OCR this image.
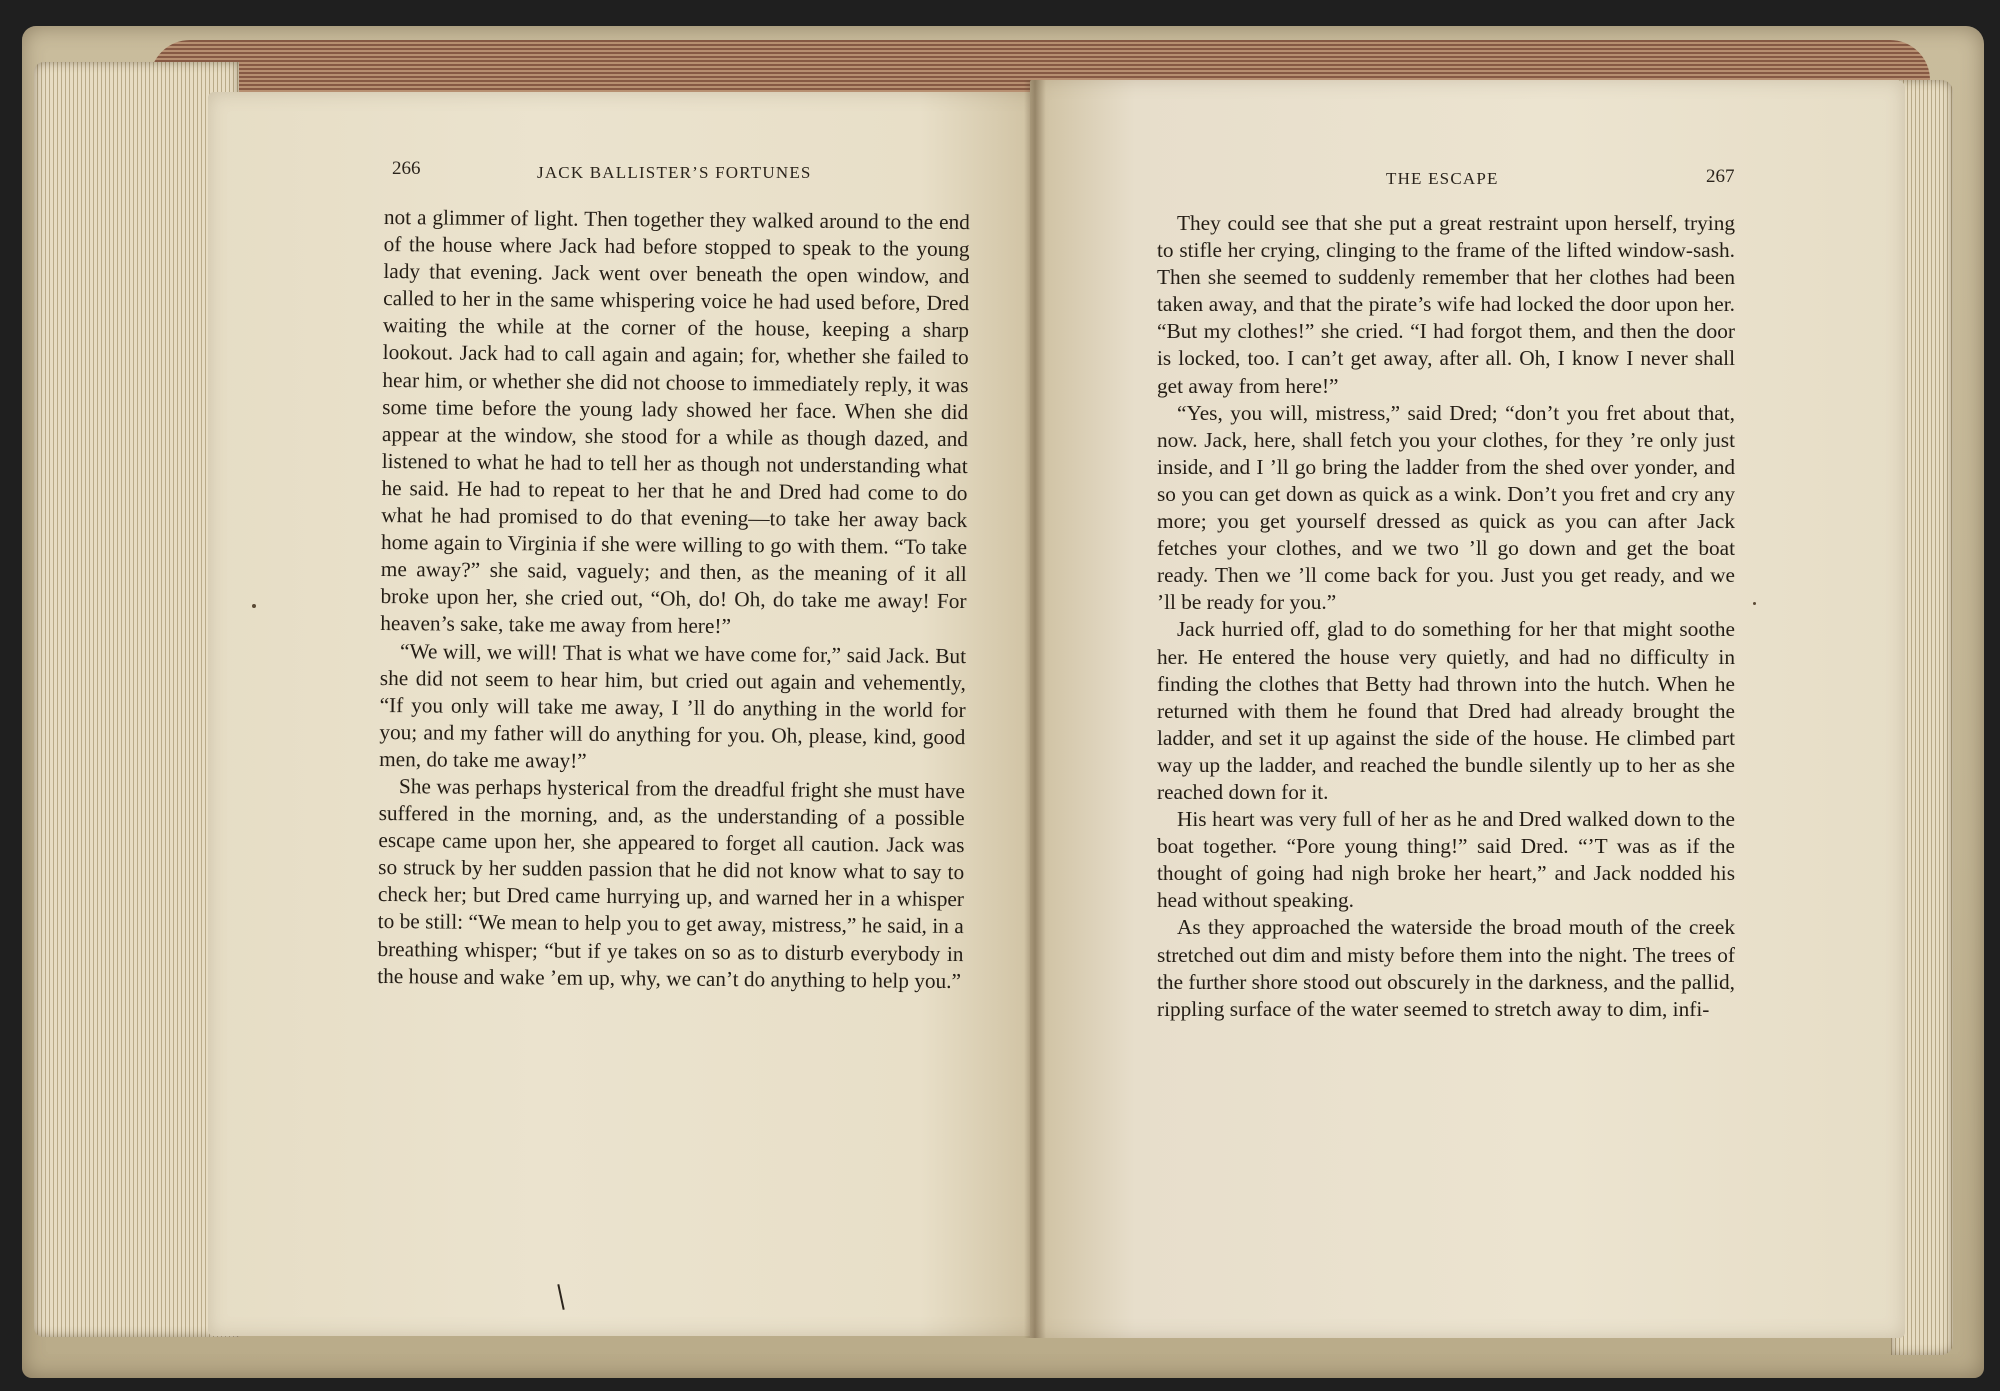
266	JACK BALLISTER’S FORTUNES	THE ESCAPE	267

not a glimmer of light. Then together they walked around to the end of the house where Jack had before stopped to speak to the young lady that evening. Jack went over beneath the open window, and called to her in the same whispering voice he had used before, Dred waiting the while at the corner of the house, keeping a sharp lookout. Jack had to call again and again; for, whether she failed to hear him, or whether she did not choose to immediately reply, it was some time before the young lady showed her face. When she did appear at the window, she stood for a while as though dazed, and listened to what he had to tell her as though not understanding what he said. He had to repeat to her that he and Dred had come to do what he had promised to do that evening—to take her away back home again to Virginia if she were willing to go with them. “To take me away?” she said, vaguely; and then, as the meaning of it all broke upon her, she cried out, “Oh, do! Oh, do take me away! For heaven’s sake, take me away from here!”

“We will, we will! That is what we have come for,” said Jack. But she did not seem to hear him, but cried out again and vehemently, “If you only will take me away, I ’ll do anything in the world for you; and my father will do anything for you. Oh, please, kind, good men, do take me away!”

She was perhaps hysterical from the dreadful fright she must have suffered in the morning, and, as the understanding of a possible escape came upon her, she appeared to forget all caution. Jack was so struck by her sudden passion that he did not know what to say to check her; but Dred came hurrying up, and warned her in a whisper to be still: “We mean to help you to get away, mistress,” he said, in a breathing whisper; “but if ye takes on so as to disturb everybody in the house and wake ’em up, why, we can’t do anything to help you.”

They could see that she put a great restraint upon herself, trying to stifle her crying, clinging to the frame of the lifted window-sash. Then she seemed to suddenly remember that her clothes had been taken away, and that the pirate’s wife had locked the door upon her. “But my clothes!” she cried. “I had forgot them, and then the door is locked, too. I can’t get away, after all. Oh, I know I never shall get away from here!”

“Yes, you will, mistress,” said Dred; “don’t you fret about that, now. Jack, here, shall fetch you your clothes, for they ’re only just inside, and I ’ll go bring the ladder from the shed over yonder, and so you can get down as quick as a wink. Don’t you fret and cry any more; you get yourself dressed as quick as you can after Jack fetches your clothes, and we two ’ll go down and get the boat ready. Then we ’ll come back for you. Just you get ready, and we ’ll be ready for you.”

Jack hurried off, glad to do something for her that might soothe her. He entered the house very quietly, and had no difficulty in finding the clothes that Betty had thrown into the hutch. When he returned with them he found that Dred had already brought the ladder, and set it up against the side of the house. He climbed part way up the ladder, and reached the bundle silently up to her as she reached down for it.

His heart was very full of her as he and Dred walked down to the boat together. “Pore young thing!” said Dred. “’T was as if the thought of going had nigh broke her heart,” and Jack nodded his head without speaking.

As they approached the waterside the broad mouth of the creek stretched out dim and misty before them into the night. The trees of the further shore stood out obscurely in the darkness, and the pallid, rippling surface of the water seemed to stretch away to dim, infi-
